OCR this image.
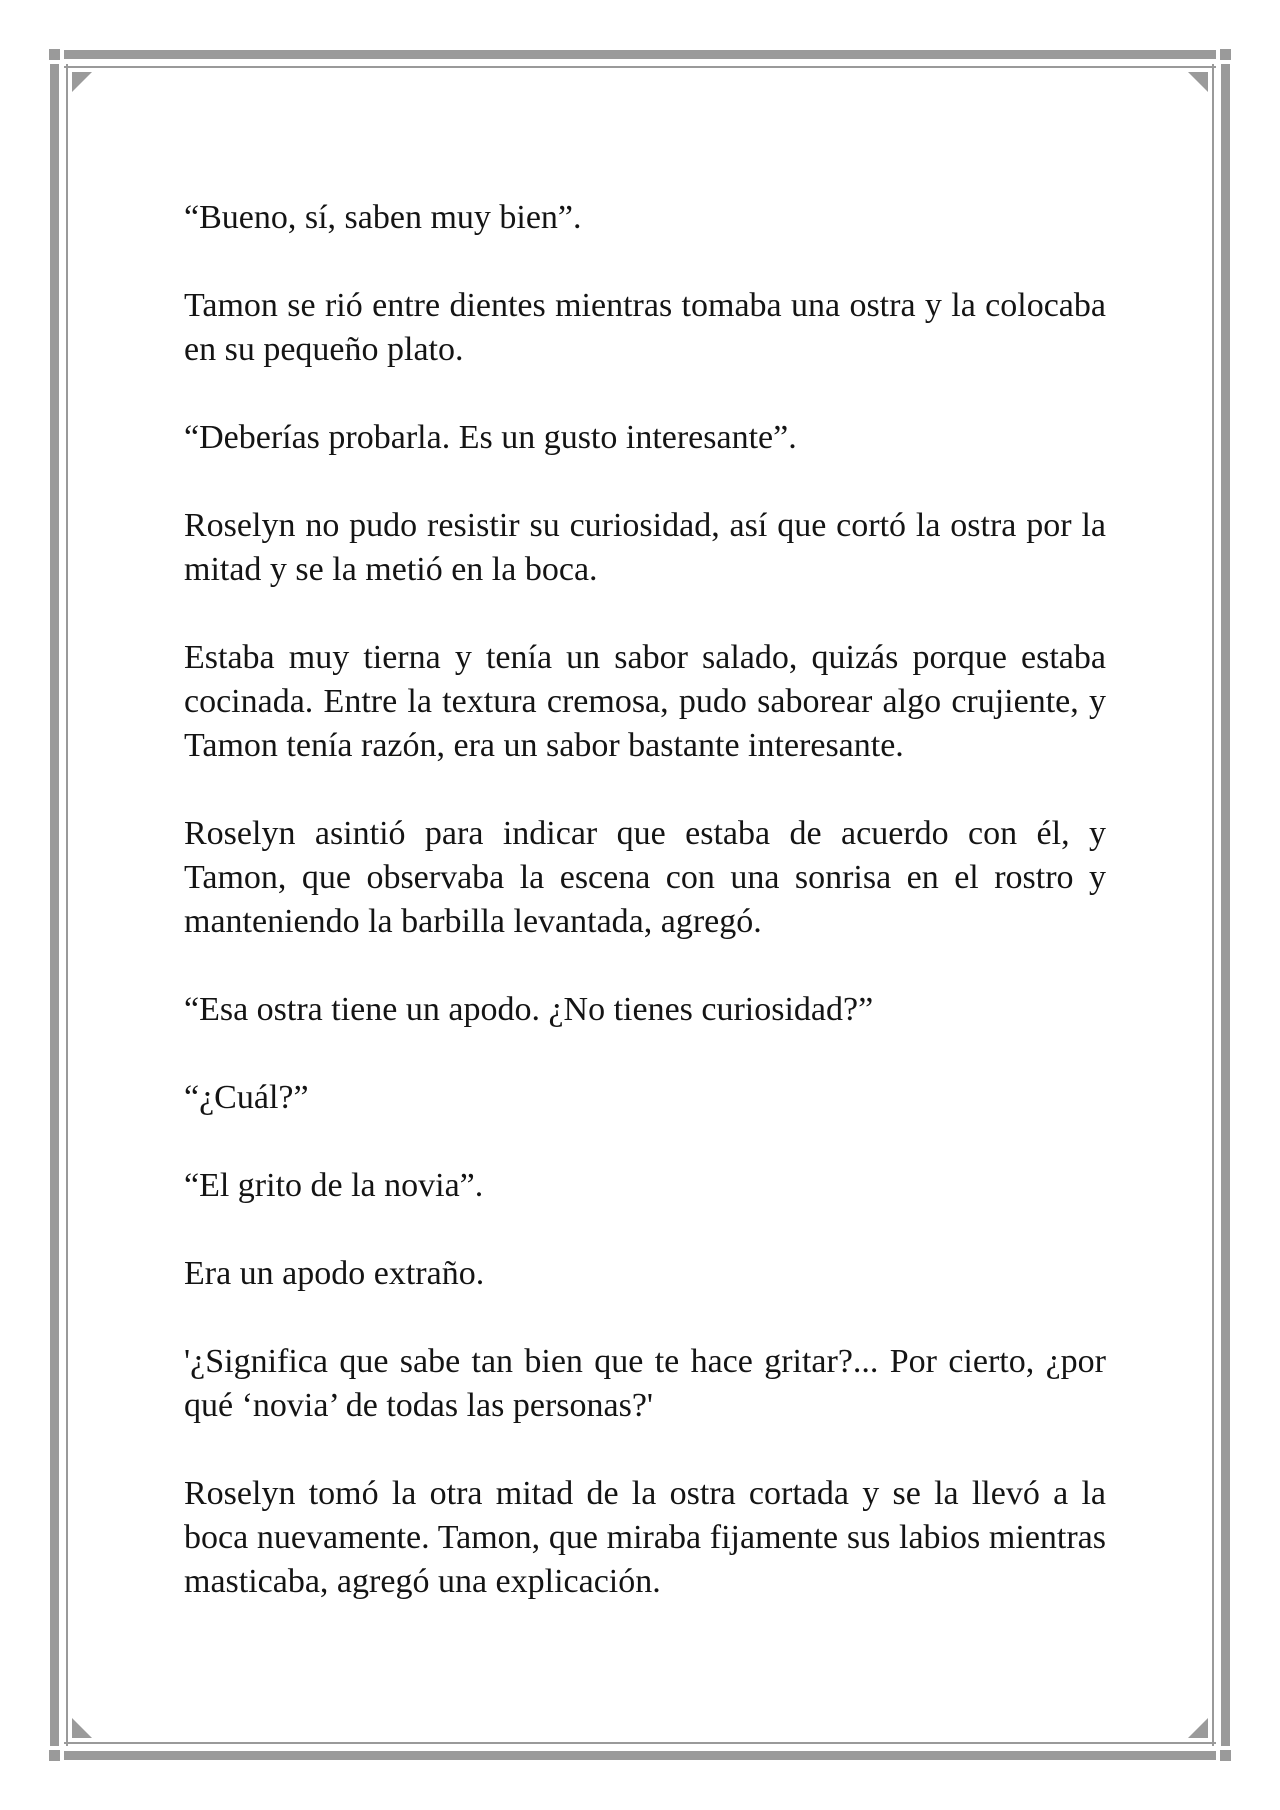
“Bueno, sí, saben muy bien”.

Tamon se rió entre dientes mientras tomaba una ostra y la colocaba en su pequeño plato.

“Deberías probarla. Es un gusto interesante”.

Roselyn no pudo resistir su curiosidad, así que cortó la ostra por la mitad y se la metió en la boca.

Estaba muy tierna y tenía un sabor salado, quizás porque estaba cocinada. Entre la textura cremosa, pudo saborear algo crujiente, y Tamon tenía razón, era un sabor bastante interesante.

Roselyn asintió para indicar que estaba de acuerdo con él, y Tamon, que observaba la escena con una sonrisa en el rostro y manteniendo la barbilla levantada, agregó.

“Esa ostra tiene un apodo. ¿No tienes curiosidad?”

“¿Cuál?”

“El grito de la novia”.

Era un apodo extraño.

'¿Significa que sabe tan bien que te hace gritar?... Por cierto, ¿por qué ‘novia’ de todas las personas?'

Roselyn tomó la otra mitad de la ostra cortada y se la llevó a la boca nuevamente. Tamon, que miraba fijamente sus labios mientras masticaba, agregó una explicación.
